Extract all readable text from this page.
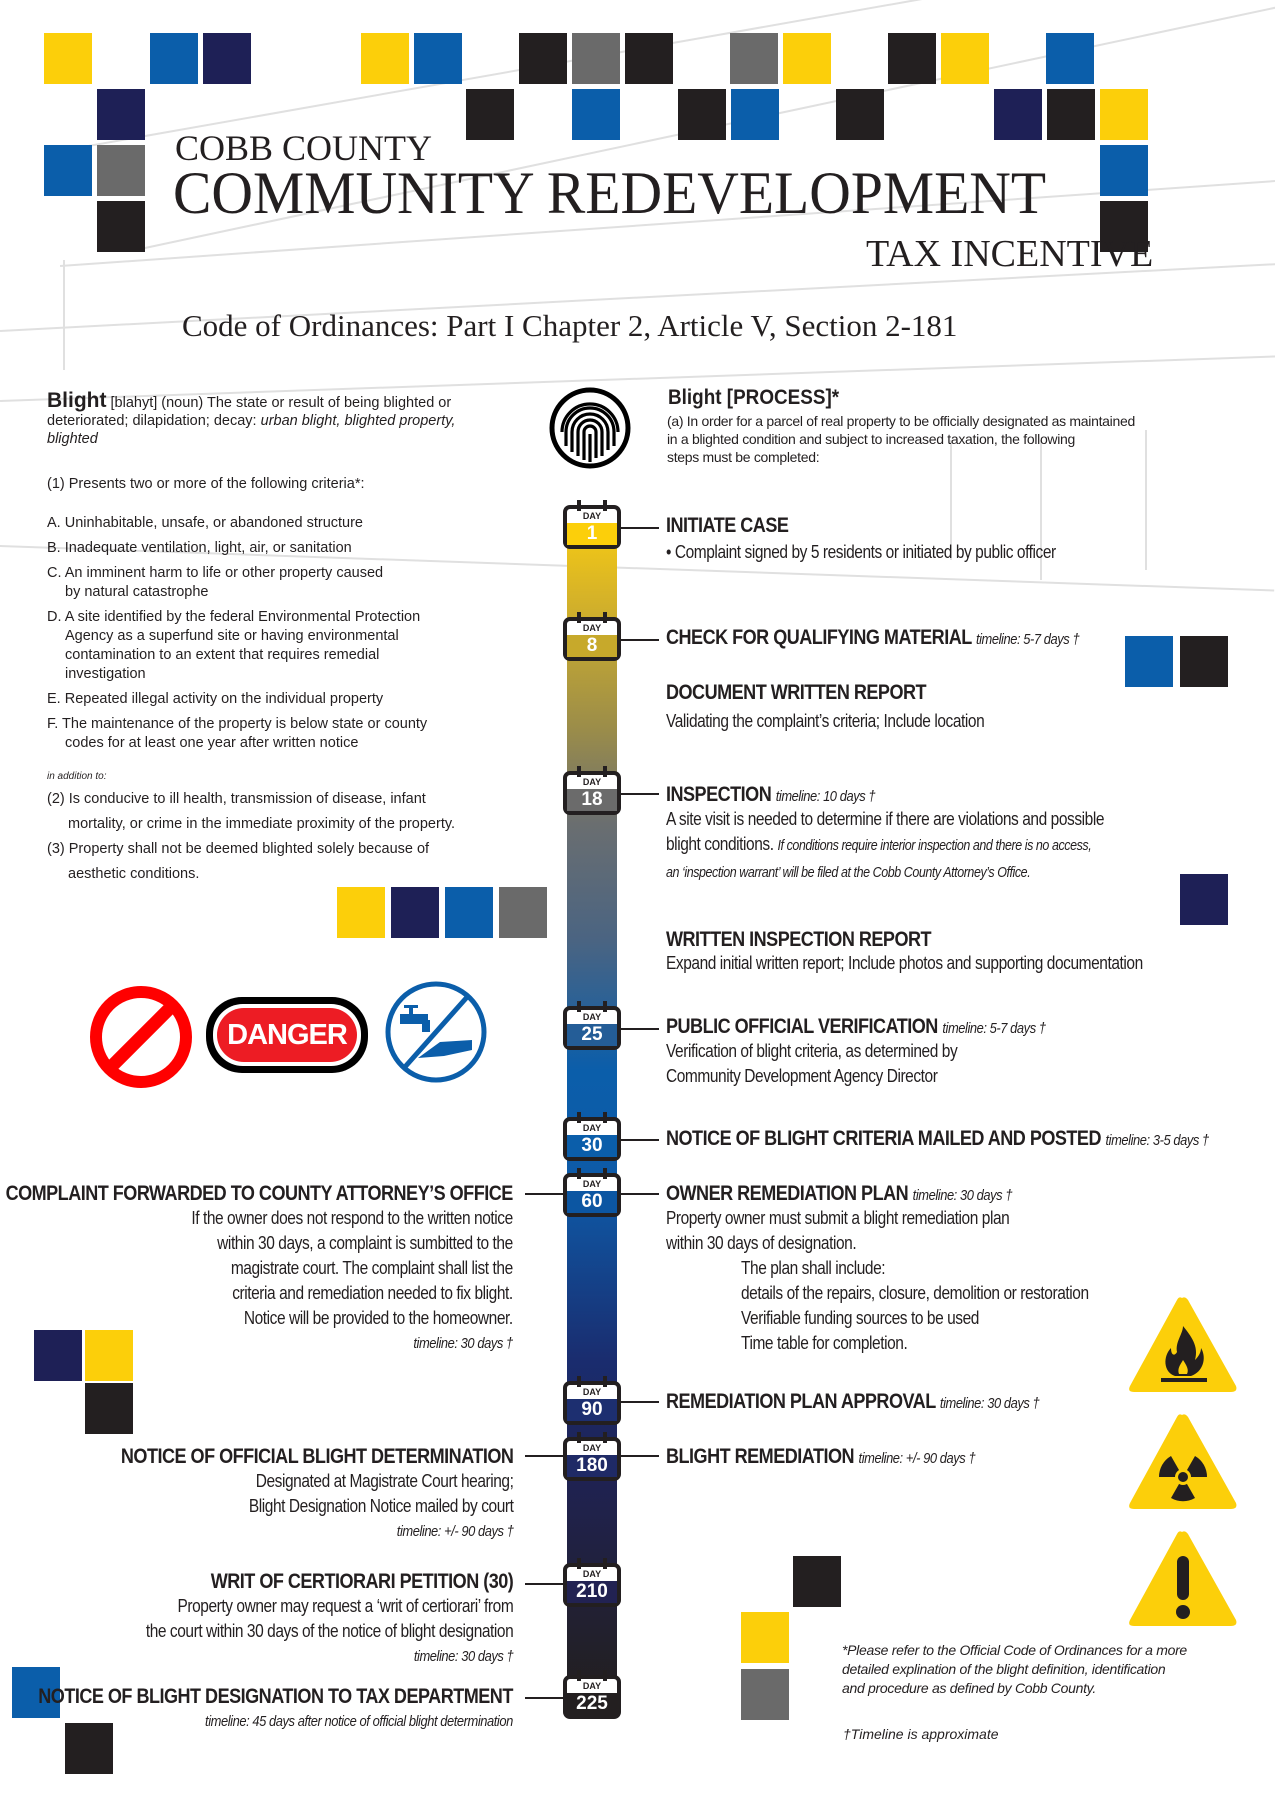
COBB COUNTY
COMMUNITY REDEVELOPMENT
TAX INCENTIVE
Code of Ordinances: Part I Chapter 2, Article V, Section 2-181
Blight [blahyt] (noun) The state or result of being blighted or deteriorated; dilapidation; decay: urban blight, blighted property, blighted
(1) Presents two or more of the following criteria*:
A. Uninhabitable, unsafe, or abandoned structure
B. Inadequate ventilation, light, air, or sanitation
C. An imminent harm to life or other property caused
by natural catastrophe
D. A site identified by the federal Environmental Protection
Agency as a superfund site or having environmental contamination to an extent that requires remedial investigation
E. Repeated illegal activity on the individual property
F. The maintenance of the property is below state or county
codes for at least one year after written notice
in addition to:
(2) Is conducive to ill health, transmission of disease, infant
mortality, or crime in the immediate proximity of the property.
(3) Property shall not be deemed blighted solely because of
aesthetic conditions.
DANGER
Blight [PROCESS]*
(a) In order for a parcel of real property to be officially designated as maintained
in a blighted condition and subject to increased taxation, the following
steps must be completed:
DAY
1
DAY
8
DAY
18
DAY
25
DAY
30
DAY
60
DAY
90
DAY
180
DAY
210
DAY
225
INITIATE CASE
• Complaint signed by 5 residents or initiated by public officer
CHECK FOR QUALIFYING MATERIAL timeline: 5-7 days †
DOCUMENT WRITTEN REPORT
Validating the complaint’s criteria; Include location
INSPECTION timeline: 10 days †
A site visit is needed to determine if there are violations and possible
blight conditions. If conditions require interior inspection and there is no access,
an ‘inspection warrant’ will be filed at the Cobb County Attorney’s Office.
WRITTEN INSPECTION REPORT
Expand initial written report; Include photos and supporting documentation
PUBLIC OFFICIAL VERIFICATION timeline: 5-7 days †
Verification of blight criteria, as determined by
Community Development Agency Director
NOTICE OF BLIGHT CRITERIA MAILED AND POSTED timeline: 3-5 days †
OWNER REMEDIATION PLAN timeline: 30 days †
Property owner must submit a blight remediation plan
within 30 days of designation.
The plan shall include:
details of the repairs, closure, demolition or restoration
Verifiable funding sources to be used
Time table for completion.
REMEDIATION PLAN APPROVAL timeline: 30 days †
BLIGHT REMEDIATION timeline: +/- 90 days †
COMPLAINT FORWARDED TO COUNTY ATTORNEY’S OFFICE
If the owner does not respond to the written notice
within 30 days, a complaint is sumbitted to the
magistrate court. The complaint shall list the
criteria and remediation needed to fix blight.
Notice will be provided to the homeowner.
timeline: 30 days †
NOTICE OF OFFICIAL BLIGHT DETERMINATION
Designated at Magistrate Court hearing;
Blight Designation Notice mailed by court
timeline: +/- 90 days †
WRIT OF CERTIORARI PETITION (30)
Property owner may request a ‘writ of certiorari’ from
the court within 30 days of the notice of blight designation
timeline: 30 days †
NOTICE OF BLIGHT DESIGNATION TO TAX DEPARTMENT
timeline: 45 days after notice of official blight determination
*Please refer to the Official Code of Ordinances for a more
detailed explination of the blight definition, identification
and procedure as defined by Cobb County.
†Timeline is approximate
